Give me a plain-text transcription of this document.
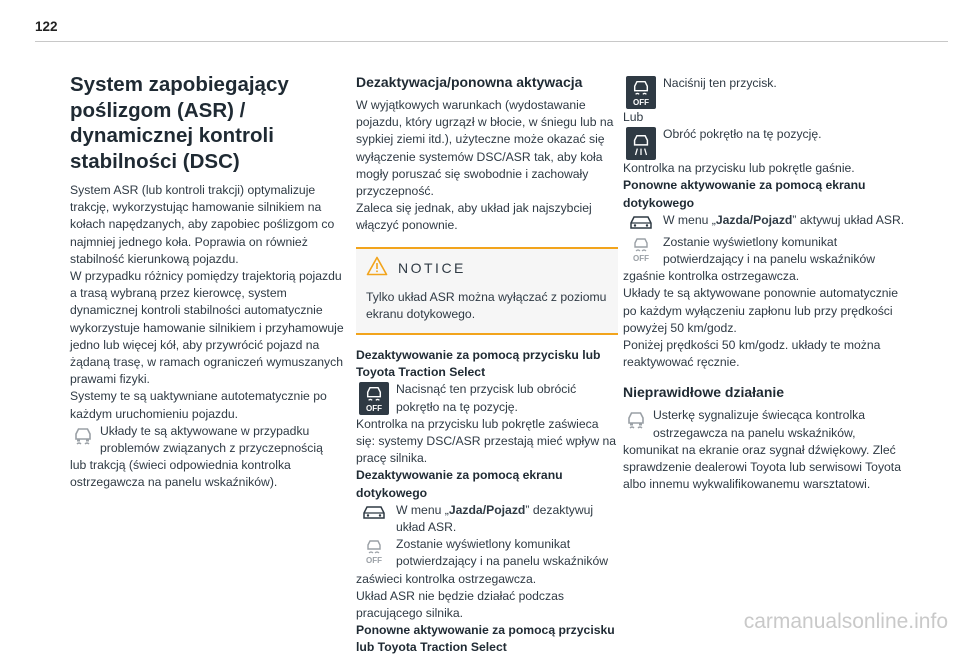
122
System zapobiegający poślizgom (ASR) / dynamicznej kontroli stabilności (DSC)

System ASR (lub kontroli trakcji) optymalizuje trakcję, wykorzystując hamowanie silnikiem na kołach napędzanych, aby zapobiec poślizgom co najmniej jednego koła. Poprawia on również stabilność kierunkową pojazdu.

W przypadku różnicy pomiędzy trajektorią pojazdu a trasą wybraną przez kierowcę, system dynamicznej kontroli stabilności automatycznie wykorzystuje hamowanie silnikiem i przyhamowuje jedno lub więcej kół, aby przywrócić pojazd na żądaną trasę, w ramach ograniczeń wymuszanych prawami fizyki.

Systemy te są uaktywniane autotematycznie po każdym uruchomieniu pojazdu.

Układy te są aktywowane w przypadku problemów związanych z przyczepnością

lub trakcją (świeci odpowiednia kontrolka ostrzegawcza na panelu wskaźników).

Dezaktywacja/ponowna aktywacja

W wyjątkowych warunkach (wydostawanie pojazdu, który ugrzązł w błocie, w śniegu lub na sypkiej ziemi itd.), użyteczne może okazać się wyłączenie systemów DSC/ASR tak, aby koła mogły poruszać się swobodnie i zachowały przyczepność.

Zaleca się jednak, aby układ jak najszybciej włączyć ponownie.

NOTICE

Tylko układ ASR można wyłączać z poziomu ekranu dotykowego.

Dezaktywowanie za pomocą przycisku lub Toyota Traction Select
OFF

Nacisnąć ten przycisk lub obrócić pokrętło na tę pozycję.

Kontrolka na przycisku lub pokrętle zaświeca się: systemy DSC/ASR przestają mieć wpływ na pracę silnika.

Dezaktywowanie za pomocą ekranu dotykowego

W menu „Jazda/Pojazd” dezaktywuj układ ASR.

OFF

Zostanie wyświetlony komunikat potwierdzający i na panelu wskaźników

zaświeci kontrolka ostrzegawcza.

Układ ASR nie będzie działać podczas pracującego silnika.

Ponowne aktywowanie za pomocą przycisku lub Toyota Traction Select
OFF

Naciśnij ten przycisk.

Lub

Obróć pokrętło na tę pozycję.

Kontrolka na przycisku lub pokrętle gaśnie.

Ponowne aktywowanie za pomocą ekranu dotykowego

W menu „Jazda/Pojazd” aktywuj układ ASR.

OFF

Zostanie wyświetlony komunikat potwierdzający i na panelu wskaźników

zgaśnie kontrolka ostrzegawcza.

Układy te są aktywowane ponownie automatycznie po każdym wyłączeniu zapłonu lub przy prędkości powyżej 50 km/godz.

Poniżej prędkości 50 km/godz. układy te można reaktywować ręcznie.

Nieprawidłowe działanie

Usterkę sygnalizuje świecąca kontrolka ostrzegawcza na panelu wskaźników,

komunikat na ekranie oraz sygnał dźwiękowy. Zleć sprawdzenie dealerowi Toyota lub serwisowi Toyota albo innemu wykwalifikowanemu warsztatowi.

carmanualsonline.info
